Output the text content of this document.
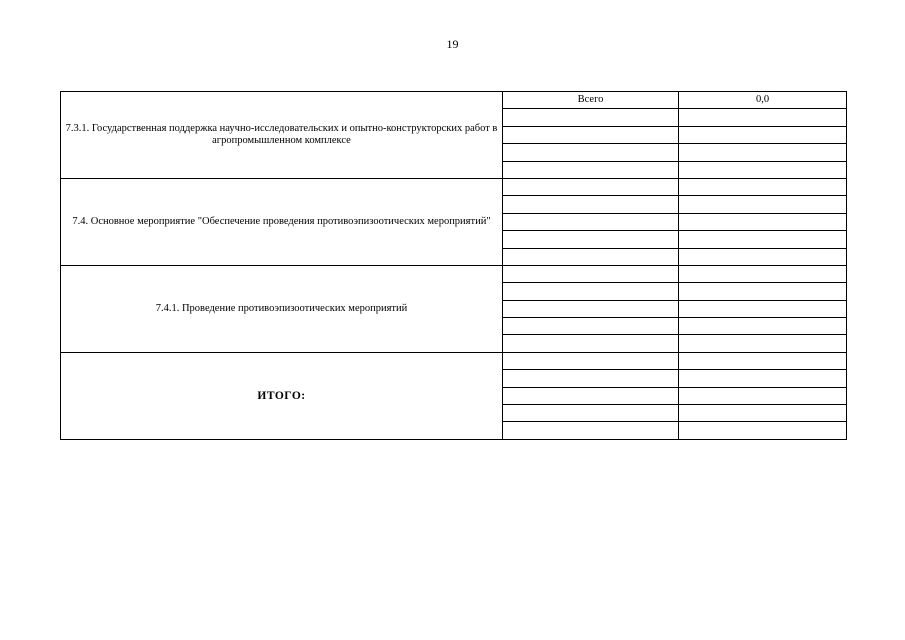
19
7.3.1. Государственная поддержка научно-исследовательских и опытно-конструкторских работ в агропромышленном комплексе	Всего	0,0

7.4. Основное мероприятие "Обеспечение проведения противоэпизоотических мероприятий"		

7.4.1. Проведение противоэпизоотических мероприятий		

ИТОГО:		
